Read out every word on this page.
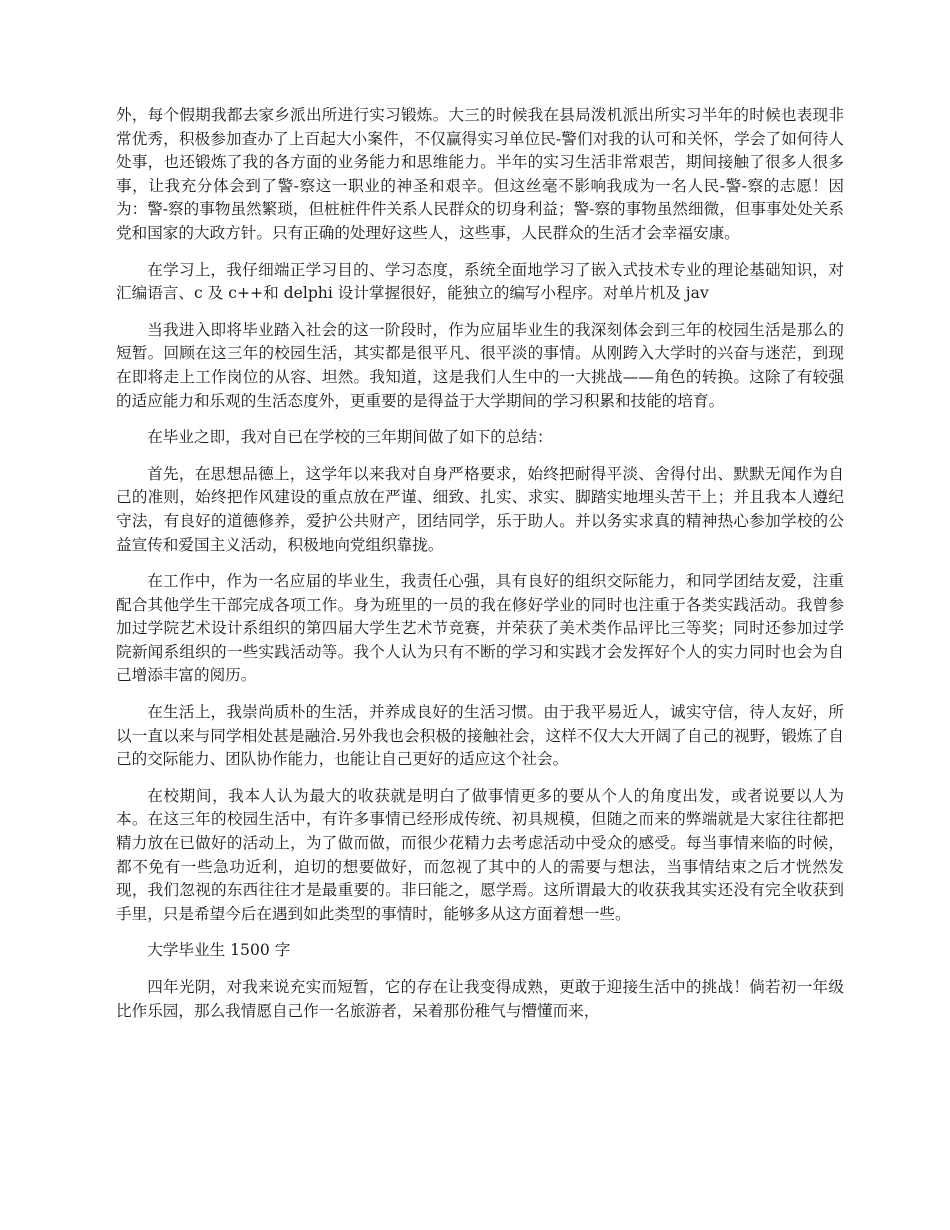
外，每个假期我都去家乡派出所进行实习锻炼。大三的时候我在县局泼机派出所实习半年的时候也表现非常优秀，积极参加查办了上百起大小案件，不仅赢得实习单位民-警们对我的认可和关怀，学会了如何待人处事，也还锻炼了我的各方面的业务能力和思维能力。半年的实习生活非常艰苦，期间接触了很多人很多事，让我充分体会到了警-察这一职业的神圣和艰辛。但这丝毫不影响我成为一名人民-警-察的志愿！因为：警-察的事物虽然繁琐，但桩桩件件关系人民群众的切身利益；警-察的事物虽然细微，但事事处处关系党和国家的大政方针。只有正确的处理好这些人，这些事，人民群众的生活才会幸福安康。

在学习上，我仔细端正学习目的、学习态度，系统全面地学习了嵌入式技术专业的理论基础知识，对汇编语言、c 及 c++和 delphi 设计掌握很好，能独立的编写小程序。对单片机及 jav

当我进入即将毕业踏入社会的这一阶段时，作为应届毕业生的我深刻体会到三年的校园生活是那么的短暂。回顾在这三年的校园生活，其实都是很平凡、很平淡的事情。从刚跨入大学时的兴奋与迷茫，到现在即将走上工作岗位的从容、坦然。我知道，这是我们人生中的一大挑战——角色的转换。这除了有较强的适应能力和乐观的生活态度外，更重要的是得益于大学期间的学习积累和技能的培育。

在毕业之即，我对自已在学校的三年期间做了如下的总结：

首先，在思想品德上，这学年以来我对自身严格要求，始终把耐得平淡、舍得付出、默默无闻作为自己的准则，始终把作风建设的重点放在严谨、细致、扎实、求实、脚踏实地埋头苦干上；并且我本人遵纪守法，有良好的道德修养，爱护公共财产，团结同学，乐于助人。并以务实求真的精神热心参加学校的公益宣传和爱国主义活动，积极地向党组织靠拢。

在工作中，作为一名应届的毕业生，我责任心强，具有良好的组织交际能力，和同学团结友爱，注重配合其他学生干部完成各项工作。身为班里的一员的我在修好学业的同时也注重于各类实践活动。我曾参加过学院艺术设计系组织的第四届大学生艺术节竞赛，并荣获了美术类作品评比三等奖；同时还参加过学院新闻系组织的一些实践活动等。我个人认为只有不断的学习和实践才会发挥好个人的实力同时也会为自己增添丰富的阅历。

在生活上，我崇尚质朴的生活，并养成良好的生活习惯。由于我平易近人，诚实守信，待人友好，所以一直以来与同学相处甚是融洽.另外我也会积极的接触社会，这样不仅大大开阔了自己的视野，锻炼了自己的交际能力、团队协作能力，也能让自己更好的适应这个社会。

在校期间，我本人认为最大的收获就是明白了做事情更多的要从个人的角度出发，或者说要以人为本。在这三年的校园生活中，有许多事情已经形成传统、初具规模，但随之而来的弊端就是大家往往都把精力放在已做好的活动上，为了做而做，而很少花精力去考虑活动中受众的感受。每当事情来临的时候，都不免有一些急功近利，迫切的想要做好，而忽视了其中的人的需要与想法，当事情结束之后才恍然发现，我们忽视的东西往往才是最重要的。非曰能之，愿学焉。这所谓最大的收获我其实还没有完全收获到手里，只是希望今后在遇到如此类型的事情时，能够多从这方面着想一些。

大学毕业生 1500 字

四年光阴，对我来说充实而短暂，它的存在让我变得成熟，更敢于迎接生活中的挑战！倘若初一年级比作乐园，那么我情愿自己作一名旅游者，呆着那份稚气与懵懂而来，
